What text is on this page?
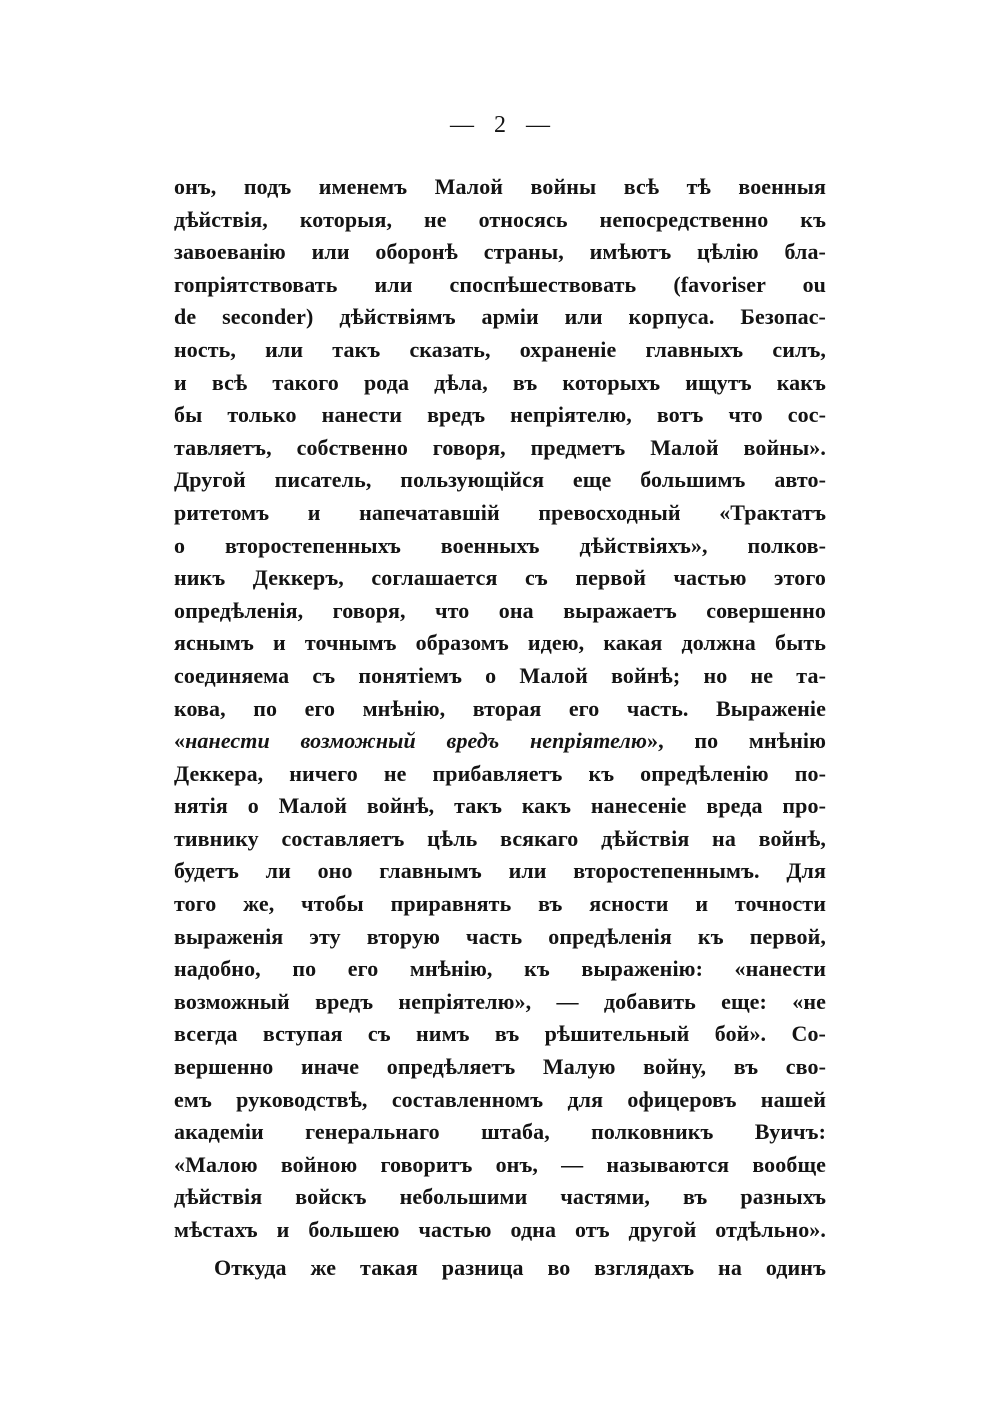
— 2 —
онъ, подъ именемъ Малой войны всѣ тѣ военныя
дѣйствія, которыя, не относясь непосредственно къ
завоеванію или оборонѣ страны, имѣютъ цѣлію бла-
гопріятствовать или споспѣшествовать (favoriser ou
de seconder) дѣйствіямъ арміи или корпуса. Безопас-
ность, или такъ сказать, охраненіе главныхъ силъ,
и всѣ такого рода дѣла, въ которыхъ ищутъ какъ
бы только нанести вредъ непріятелю, вотъ что сос-
тавляетъ, собственно говоря, предметъ Малой войны».
Другой писатель, пользующійся еще большимъ авто-
ритетомъ и напечатавшій превосходный «Трактатъ
о второстепенныхъ военныхъ дѣйствіяхъ», полков-
никъ Деккеръ, соглашается съ первой частью этого
опредѣленія, говоря, что она выражаетъ совершенно
яснымъ и точнымъ образомъ идею, какая должна быть
соединяема съ понятіемъ о Малой войнѣ; но не та-
кова, по его мнѣнію, вторая его часть. Выраженіе
«нанести возможный вредъ непріятелю», по мнѣнію
Деккера, ничего не прибавляетъ къ опредѣленію по-
нятія о Малой войнѣ, такъ какъ нанесеніе вреда про-
тивнику составляетъ цѣль всякаго дѣйствія на войнѣ,
будетъ ли оно главнымъ или второстепеннымъ. Для
того же, чтобы приравнять въ ясности и точности
выраженія эту вторую часть опредѣленія къ первой,
надобно, по его мнѣнію, къ выраженію: «нанести
возможный вредъ непріятелю», — добавить еще: «не
всегда вступая съ нимъ въ рѣшительный бой». Со-
вершенно иначе опредѣляетъ Малую войну, въ сво-
емъ руководствѣ, составленномъ для офицеровъ нашей
академіи генеральнаго штаба, полковникъ Вуичъ:
«Малою войною говоритъ онъ, — называются вообще
дѣйствія войскъ небольшими частями, въ разныхъ
мѣстахъ и большею частью одна отъ другой отдѣльно».
Откуда же такая разница во взглядахъ на одинъ
